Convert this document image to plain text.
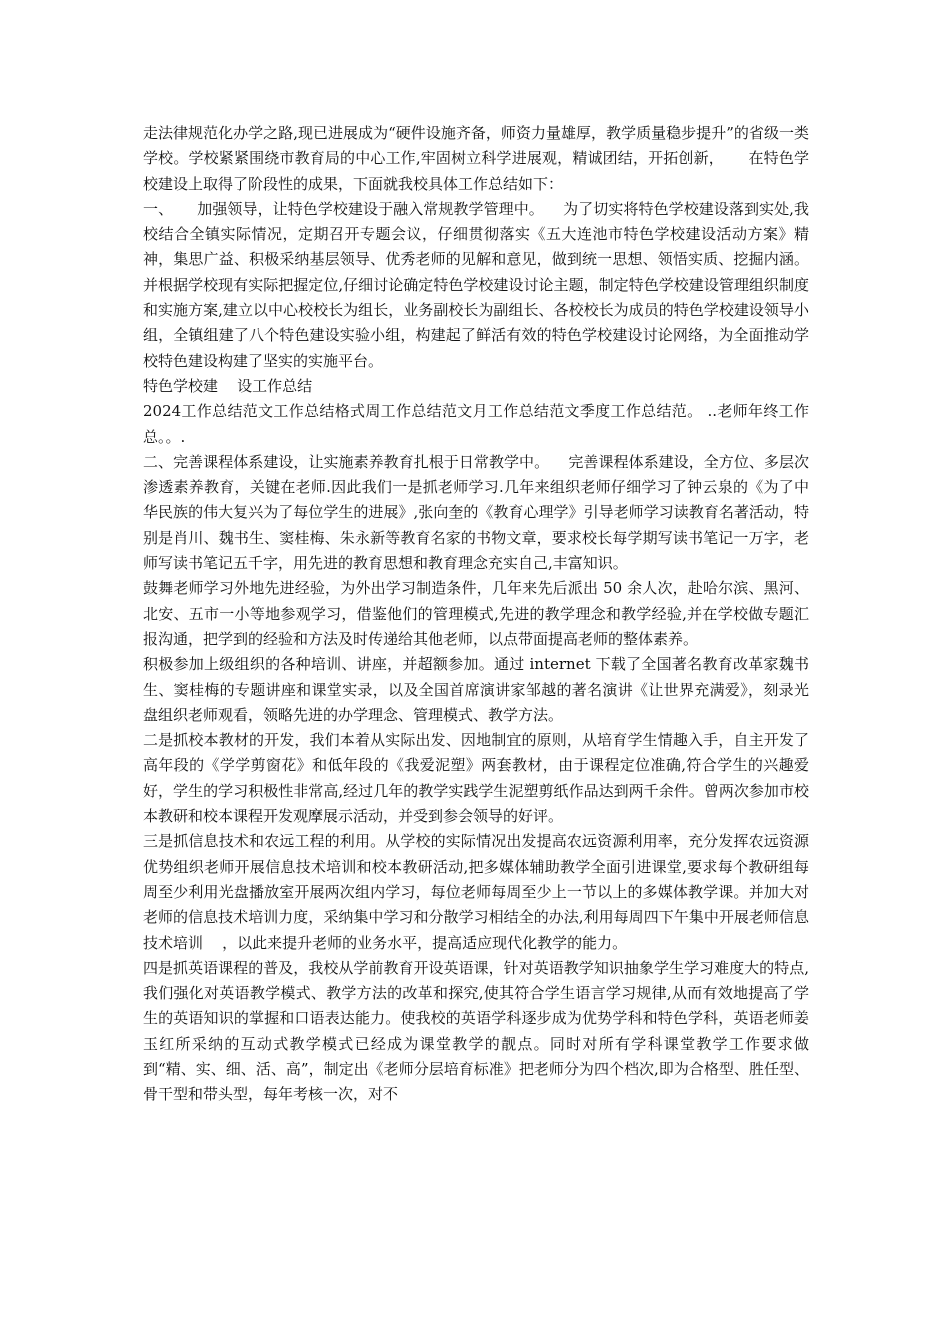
走法律规范化办学之路,现已进展成为“硬件设施齐备，师资力量雄厚，教学质量稳步提升”的省级一类学校。学校紧紧围绕市教育局的中心工作,牢固树立科学进展观，精诚团结，开拓创新，     在特色学校建设上取得了阶段性的成果，下面就我校具体工作总结如下：

一、     加强领导，让特色学校建设于融入常规教学管理中。    为了切实将特色学校建设落到实处,我校结合全镇实际情况，定期召开专题会议，仔细贯彻落实《五大连池市特色学校建设活动方案》精神，集思广益、积极采纳基层领导、优秀老师的见解和意见，做到统一思想、领悟实质、挖掘内涵。并根据学校现有实际把握定位,仔细讨论确定特色学校建设讨论主题，制定特色学校建设管理组织制度和实施方案,建立以中心校校长为组长，业务副校长为副组长、各校校长为成员的特色学校建设领导小组，全镇组建了八个特色建设实验小组，构建起了鲜活有效的特色学校建设讨论网络，为全面推动学校特色建设构建了坚实的实施平台。

特色学校建    设工作总结

2024工作总结范文工作总结格式周工作总结范文月工作总结范文季度工作总结范。 ..老师年终工作总。。.

二、完善课程体系建设，让实施素养教育扎根于日常教学中。    完善课程体系建设，全方位、多层次渗透素养教育，关键在老师.因此我们一是抓老师学习.几年来组织老师仔细学习了钟云泉的《为了中华民族的伟大复兴为了每位学生的进展》,张向奎的《教育心理学》引导老师学习读教育名著活动，特别是肖川、魏书生、窦桂梅、朱永新等教育名家的书物文章，要求校长每学期写读书笔记一万字，老师写读书笔记五千字，用先进的教育思想和教育理念充实自己,丰富知识。

鼓舞老师学习外地先进经验，为外出学习制造条件，几年来先后派出 50 余人次，赴哈尔滨、黑河、北安、五市一小等地参观学习，借鉴他们的管理模式,先进的教学理念和教学经验,并在学校做专题汇报沟通，把学到的经验和方法及时传递给其他老师，以点带面提高老师的整体素养。

积极参加上级组织的各种培训、讲座，并超额参加。通过 internet 下载了全国著名教育改革家魏书生、窦桂梅的专题讲座和课堂实录，以及全国首席演讲家邹越的著名演讲《让世界充满爱》，刻录光盘组织老师观看，领略先进的办学理念、管理模式、教学方法。

二是抓校本教材的开发，我们本着从实际出发、因地制宜的原则，从培育学生情趣入手，自主开发了高年段的《学学剪窗花》和低年段的《我爱泥塑》两套教材，由于课程定位准确,符合学生的兴趣爱好，学生的学习积极性非常高,经过几年的教学实践学生泥塑剪纸作品达到两千余件。曾两次参加市校本教研和校本课程开发观摩展示活动，并受到参会领导的好评。

三是抓信息技术和农远工程的利用。从学校的实际情况出发提高农远资源利用率，充分发挥农远资源优势组织老师开展信息技术培训和校本教研活动,把多媒体辅助教学全面引进课堂,要求每个教研组每周至少利用光盘播放室开展两次组内学习，每位老师每周至少上一节以上的多媒体教学课。并加大对老师的信息技术培训力度，采纳集中学习和分散学习相结全的办法,利用每周四下午集中开展老师信息技术培训    ，以此来提升老师的业务水平，提高适应现代化教学的能力。

四是抓英语课程的普及，我校从学前教育开设英语课，针对英语教学知识抽象学生学习难度大的特点,我们强化对英语教学模式、教学方法的改革和探究,使其符合学生语言学习规律,从而有效地提高了学生的英语知识的掌握和口语表达能力。使我校的英语学科逐步成为优势学科和特色学科，英语老师姜玉红所采纳的互动式教学模式已经成为课堂教学的靓点。同时对所有学科课堂教学工作要求做到“精、实、细、活、高”，制定出《老师分层培育标准》把老师分为四个档次,即为合格型、胜任型、骨干型和带头型，每年考核一次，对不
